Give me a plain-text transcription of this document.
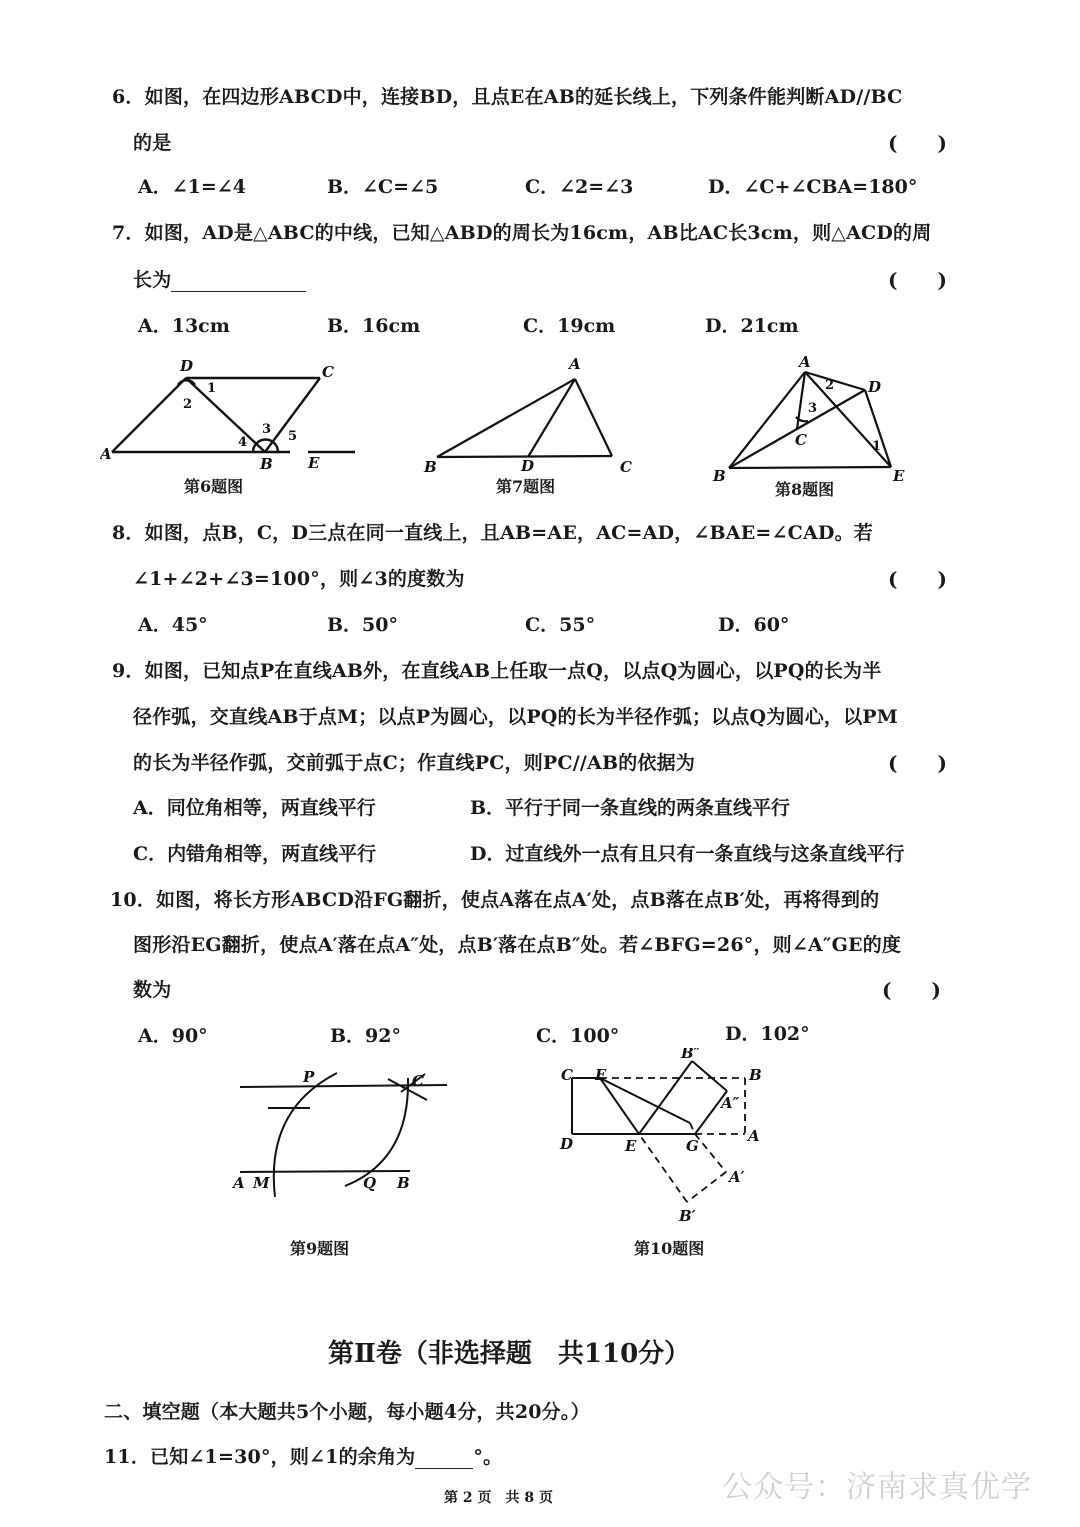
6．如图，在四边形ABCD中，连接BD，且点E在AB的延长线上，下列条件能判断AD//BC
的是	(　　)
A．∠1=∠4	B．∠C=∠5	C．∠2=∠3	D．∠C+∠CBA=180°
7．如图，AD是△ABC的中线，已知△ABD的周长为16cm，AB比AC长3cm，则△ACD的周
长为	(　　)
A．13cm	B．16cm	C．19cm	D．21cm
A
C
D
B E
1
2
3
4	5
第6题图
A
B	C
D
第7题图
A
B
C
D
E
1
2
3
第8题图
8．如图，点B，C，D三点在同一直线上，且AB=AE，AC=AD，∠BAE=∠CAD。若
∠1+∠2+∠3=100°，则∠3的度数为	(　　)
A．45°	B．50°	C．55°	D．60°
9．如图，已知点P在直线AB外，在直线AB上任取一点Q，以点Q为圆心，以PQ的长为半
径作弧，交直线AB于点M；以点P为圆心，以PQ的长为半径作弧；以点Q为圆心，以PM
的长为半径作弧，交前弧于点C；作直线PC，则PC//AB的依据为	(　　)
A．同位角相等，两直线平行	B．平行于同一条直线的两条直线平行
C．内错角相等，两直线平行	D．过直线外一点有且只有一条直线与这条直线平行
10．如图，将长方形ABCD沿FG翻折，使点A落在点A′处，点B落在点B′处，再将得到的
图形沿EG翻折，使点A′落在点A″处，点B′落在点B″处。若∠BFG=26°，则∠A″GE的度
数为	(　　)
A．90°	B．92°	C．100°	D．102°
P	C
A M	Q B
第9题图
C F	B
B″
A″
D	E	G
A
A′
B′
第10题图
第Ⅱ卷（非选择题　共110分）
二、填空题（本大题共5个小题，每小题4分，共20分。）
11．已知∠1=30°，则∠1的余角为	°。
第 2 页　共 8 页	公众号：济南求真优学
